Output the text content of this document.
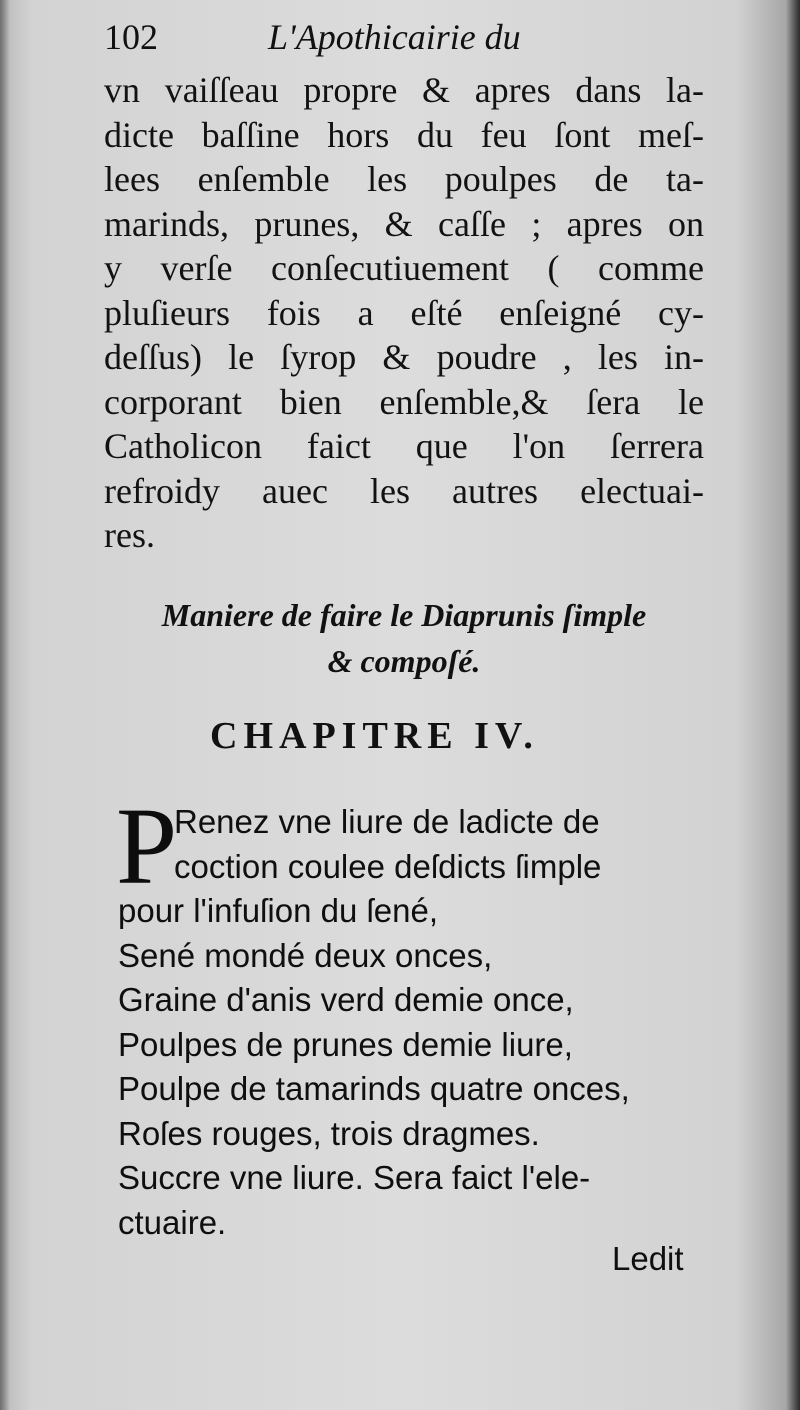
102	L'Apothicairie du
vn vaiſſeau propre & apres dans la-
dicte baſſine hors du feu ſont meſ-
lees enſemble les poulpes de ta-
marinds, prunes, & caſſe ; apres on
y verſe conſecutiuement ( comme
pluſieurs fois a eſté enſeigné cy-
deſſus) le ſyrop & poudre , les in-
corporant bien enſemble,& ſera le
Catholicon faict que l'on ſerrera
refroidy auec les autres electuai-
res.
Maniere de faire le Diaprunis ſimple
& compoſé.
CHAPITRE IV.
P
Renez vne liure de ladicte de
coction coulee deſdicts ſimple
pour l'infuſion du ſené,
Sené mondé deux onces,
Graine d'anis verd demie once,
Poulpes de prunes demie liure,
Poulpe de tamarinds quatre onces,
Roſes rouges, trois dragmes.
Succre vne liure. Sera faict l'ele-
ctuaire.
Ledit
